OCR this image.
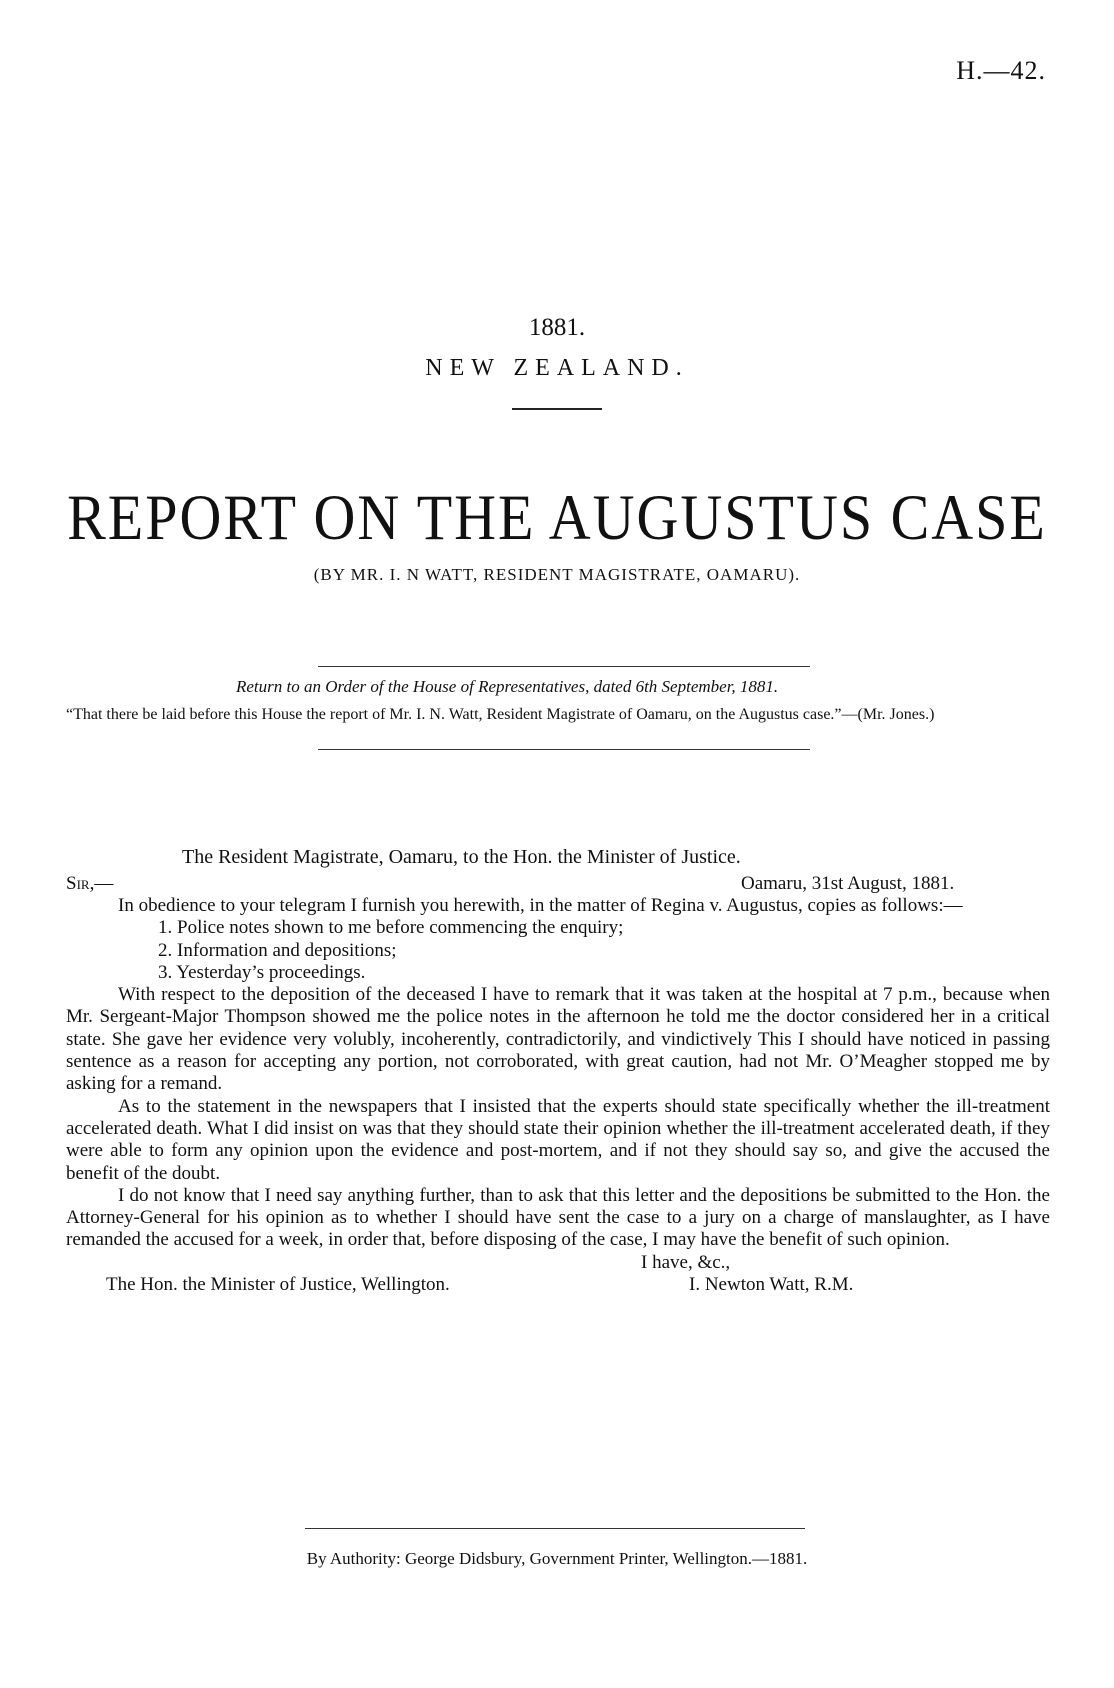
H.—42.
1881.
NEW ZEALAND.
REPORT ON THE AUGUSTUS CASE
(BY MR. I. N WATT, RESIDENT MAGISTRATE, OAMARU).
Return to an Order of the House of Representatives, dated 6th September, 1881.
“That there be laid before this House the report of Mr. I. N. Watt, Resident Magistrate of Oamaru, on the Augustus case.”—(Mr. Jones.)
The Resident Magistrate, Oamaru, to the Hon. the Minister of Justice.
Sir,—	Oamaru, 31st August, 1881.

In obedience to your telegram I furnish you herewith, in the matter of Regina v. Augustus, copies as follows:—

1. Police notes shown to me before commencing the enquiry;
2. Information and depositions;
3. Yesterday’s proceedings.

With respect to the deposition of the deceased I have to remark that it was taken at the hospital at 7 p.m., because when Mr. Sergeant-Major Thompson showed me the police notes in the afternoon he told me the doctor considered her in a critical state. She gave her evidence very volubly, incoherently, contradictorily, and vindictively This I should have noticed in passing sentence as a reason for accepting any portion, not corroborated, with great caution, had not Mr. O’Meagher stopped me by asking for a remand.

As to the statement in the newspapers that I insisted that the experts should state specifically whether the ill-treatment accelerated death. What I did insist on was that they should state their opinion whether the ill-treatment accelerated death, if they were able to form any opinion upon the evidence and post-mortem, and if not they should say so, and give the accused the benefit of the doubt.

I do not know that I need say anything further, than to ask that this letter and the depositions be submitted to the Hon. the Attorney-General for his opinion as to whether I should have sent the case to a jury on a charge of manslaughter, as I have remanded the accused for a week, in order that, before disposing of the case, I may have the benefit of such opinion.

I have, &c.,
The Hon. the Minister of Justice, Wellington.	I. Newton Watt, R.M.
By Authority: George Didsbury, Government Printer, Wellington.—1881.
